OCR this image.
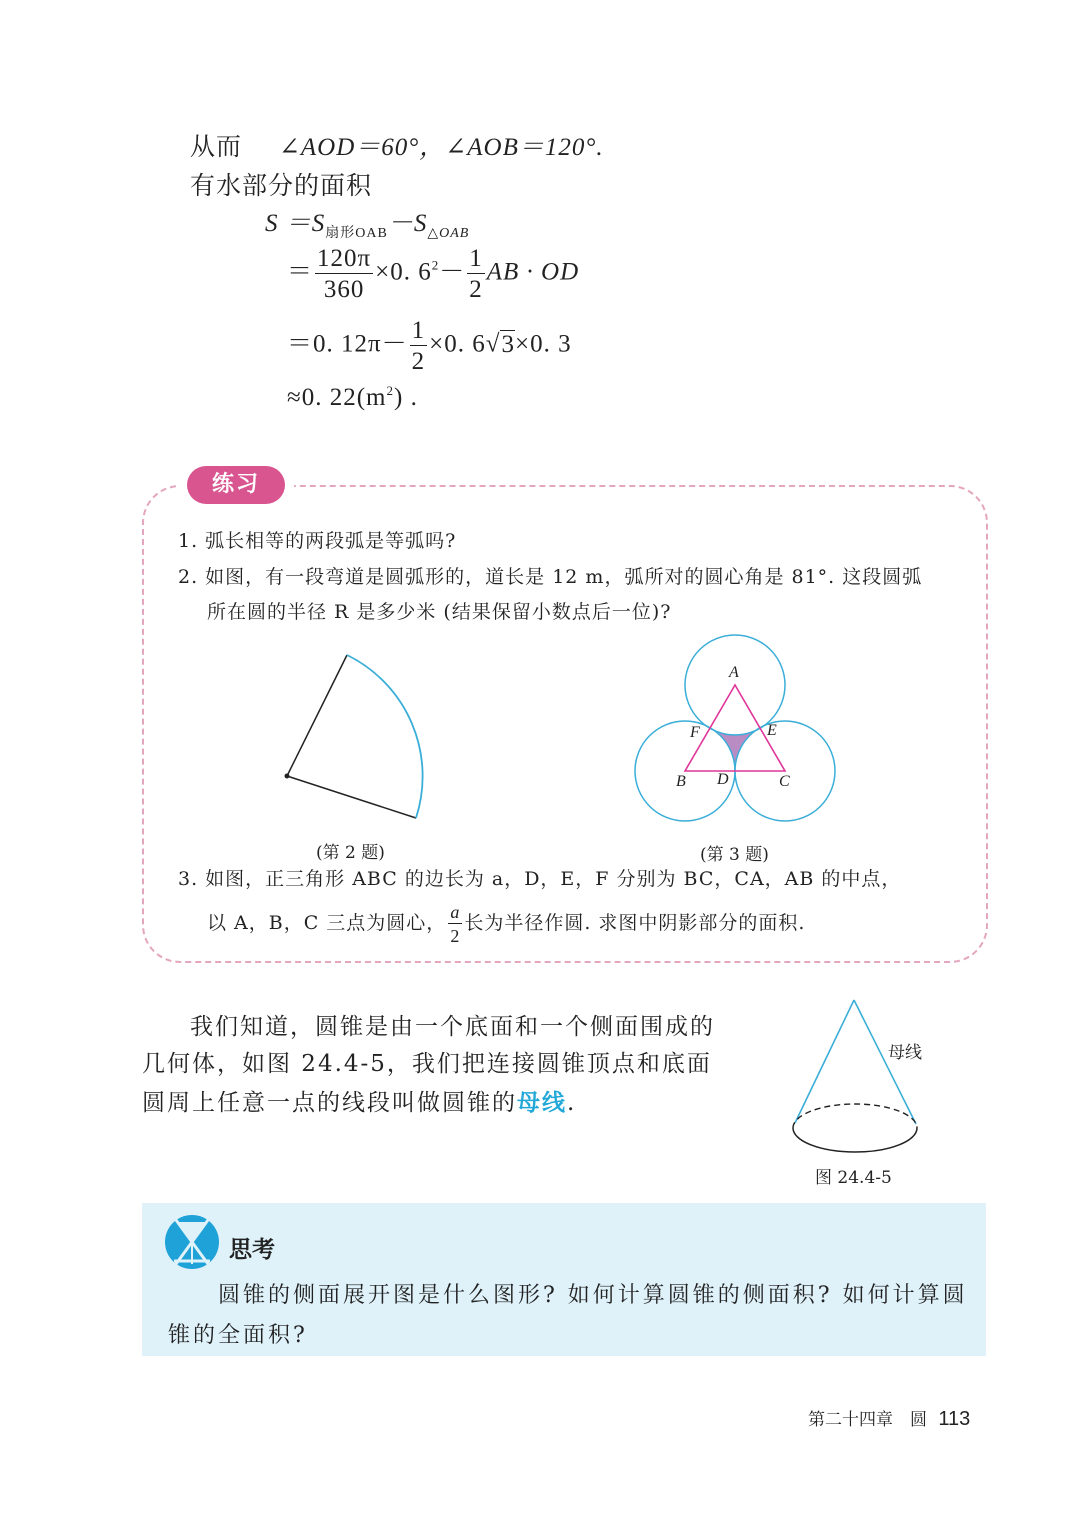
从而 ∠AOD＝60°，∠AOB＝120°.
有水部分的面积
$S =S_{扇形OAB}-S_{\triangle OAB}$
＝ $\frac{120\pi}{360} \times 0$. $6^2- \frac{1}{2}$ AB · OD
＝0. $12\pi- \frac{1}{2} \times 0$. 6√3×0. 3
≈0. $22(m^2)$ .
练习
1. 弧长相等的两段弧是等弧吗?
2. 如图，有一段弯道是圆弧形的，道长是 12 m，弧所对的圆心角是 81°. 这段圆弧
所在圆的半径 R 是多少米 (结果保留小数点后一位)?
(第 2 题)
A
F	E
B D	C
(第 3 题)
3. 如图，正三角形 ABC 的边长为 a，D，E，F 分别为 BC，CA，AB 的中点，
以 A，B，C 三点为圆心， $\frac{a}{2}$ 长为半径作圆. 求图中阴影部分的面积.
我们知道，圆锥是由一个底面和一个侧面围成的
几何体，如图 24.4-5，我们把连接圆锥顶点和底面
圆周上任意一点的线段叫做圆锥的母线.
母线
图 24.4-5
思考
圆锥的侧面展开图是什么图形? 如何计算圆锥的侧面积? 如何计算圆
锥的全面积?
第二十四章　圆 113
